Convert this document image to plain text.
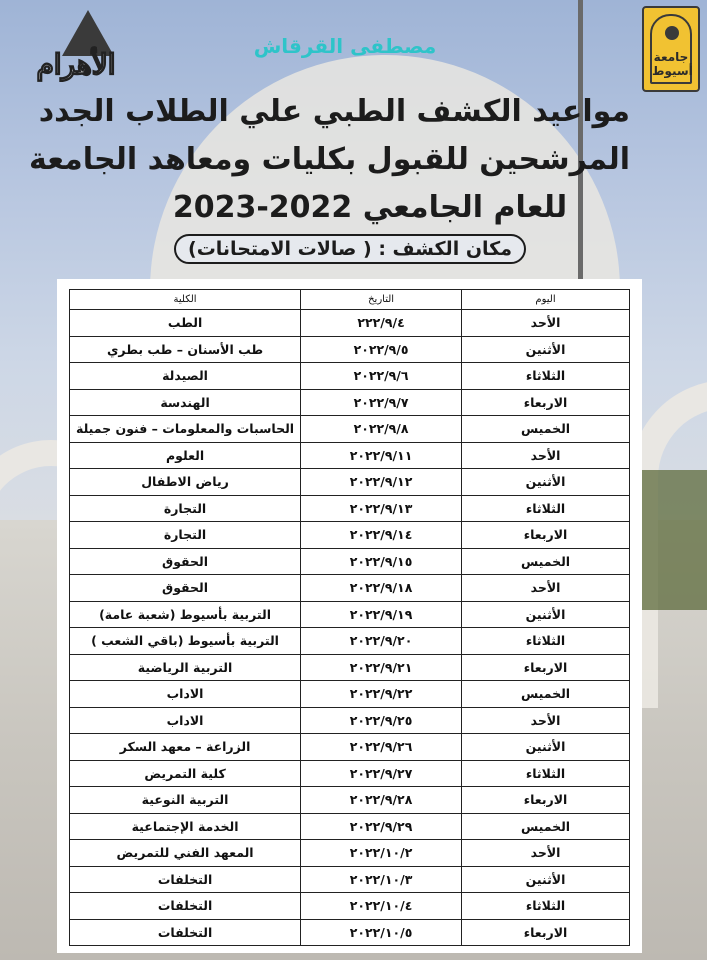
الأهرام	جامعة أسيوط
مصطفى القرقاش
مواعيد الكشف الطبي علي الطلاب الجدد
المرشحين للقبول بكليات ومعاهد الجامعة
للعام الجامعي 2022-2023
مكان الكشف : ( صالات الامتحانات)
اليوم	التاريخ	الكلية
الأحد	٢٢٢/٩/٤	الطب
الأثنين	٢٠٢٢/٩/٥	طب الأسنان – طب بطري
الثلاثاء	٢٠٢٢/٩/٦	الصيدلة
الاربعاء	٢٠٢٢/٩/٧	الهندسة
الخميس	٢٠٢٢/٩/٨	الحاسبات والمعلومات – فنون جميلة
الأحد	٢٠٢٢/٩/١١	العلوم
الأثنين	٢٠٢٢/٩/١٢	رياض الاطفال
الثلاثاء	٢٠٢٢/٩/١٣	التجارة
الاربعاء	٢٠٢٢/٩/١٤	التجارة
الخميس	٢٠٢٢/٩/١٥	الحقوق
الأحد	٢٠٢٢/٩/١٨	الحقوق
الأثنين	٢٠٢٢/٩/١٩	التربية بأسيوط (شعبة عامة)
الثلاثاء	٢٠٢٢/٩/٢٠	التربية بأسيوط (باقي الشعب )
الاربعاء	٢٠٢٢/٩/٢١	التربية الرياضية
الخميس	٢٠٢٢/٩/٢٢	الاداب
الأحد	٢٠٢٢/٩/٢٥	الاداب
الأثنين	٢٠٢٢/٩/٢٦	الزراعة – معهد السكر
الثلاثاء	٢٠٢٢/٩/٢٧	كلية التمريض
الاربعاء	٢٠٢٢/٩/٢٨	التربية النوعية
الخميس	٢٠٢٢/٩/٢٩	الخدمة الإجتماعية
الأحد	٢٠٢٢/١٠/٢	المعهد الفني للتمريض
الأثنين	٢٠٢٢/١٠/٣	التخلفات
الثلاثاء	٢٠٢٢/١٠/٤	التخلفات
الاربعاء	٢٠٢٢/١٠/٥	التخلفات
